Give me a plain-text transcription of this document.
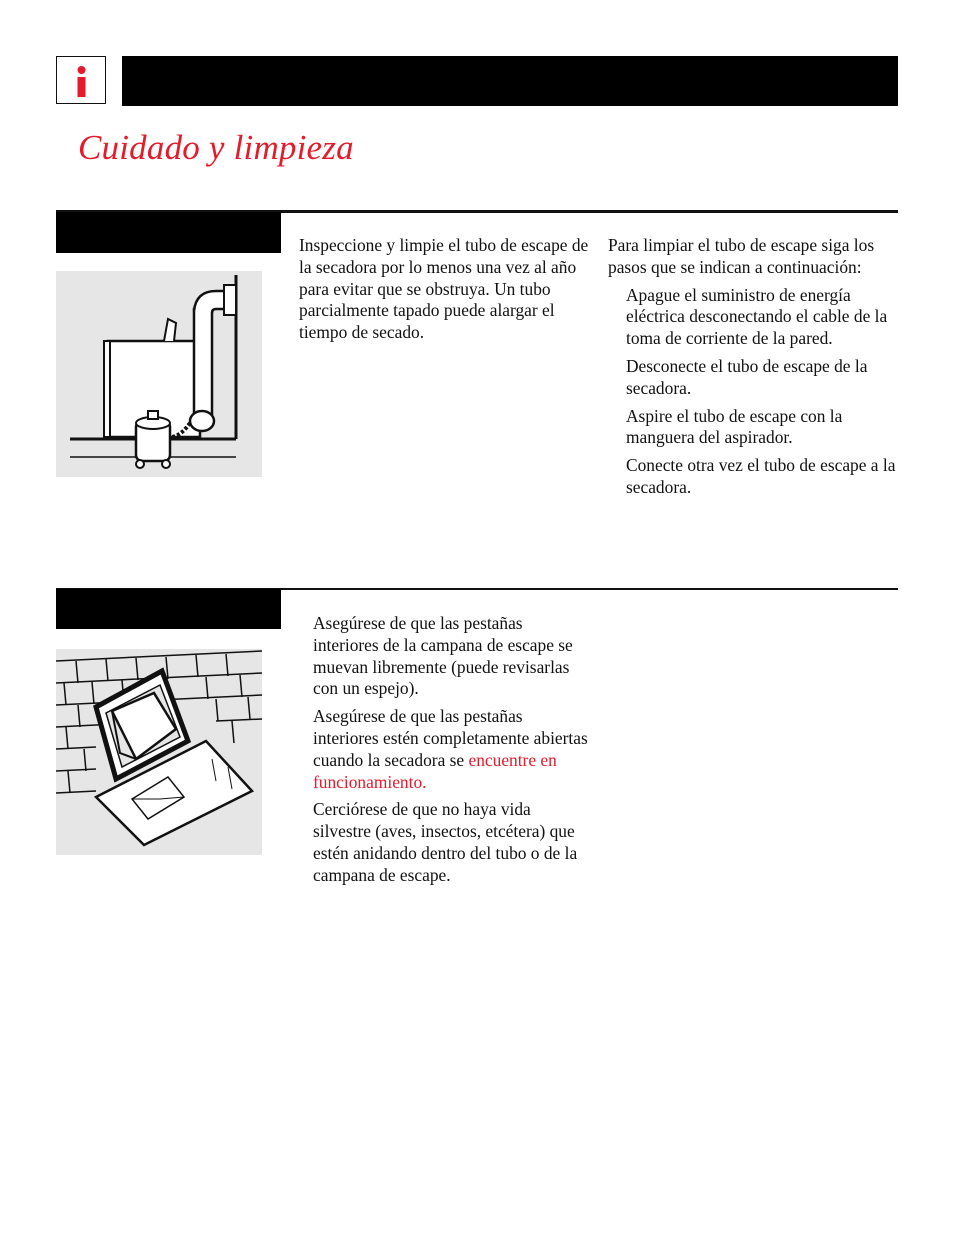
Cuidado y limpieza

Inspeccione y limpie el tubo de escape de la secadora por lo menos una vez al año para evitar que se obstruya. Un tubo parcialmente tapado puede alargar el tiempo de secado.

Para limpiar el tubo de escape siga los pasos que se indican a continuación:

Apague el suministro de energía eléctrica desconectando el cable de la toma de corriente de la pared.
Desconecte el tubo de escape de la secadora.
Aspire el tubo de escape con la manguera del aspirador.
Conecte otra vez el tubo de escape a la secadora.

Asegúrese de que las pestañas interiores de la campana de escape se muevan libremente (puede revisarlas con un espejo).

Asegúrese de que las pestañas interiores estén completamente abiertas cuando la secadora se encuentre en funcionamiento.

Cerciórese de que no haya vida silvestre (aves, insectos, etcétera) que estén anidando dentro del tubo o de la campana de escape.
